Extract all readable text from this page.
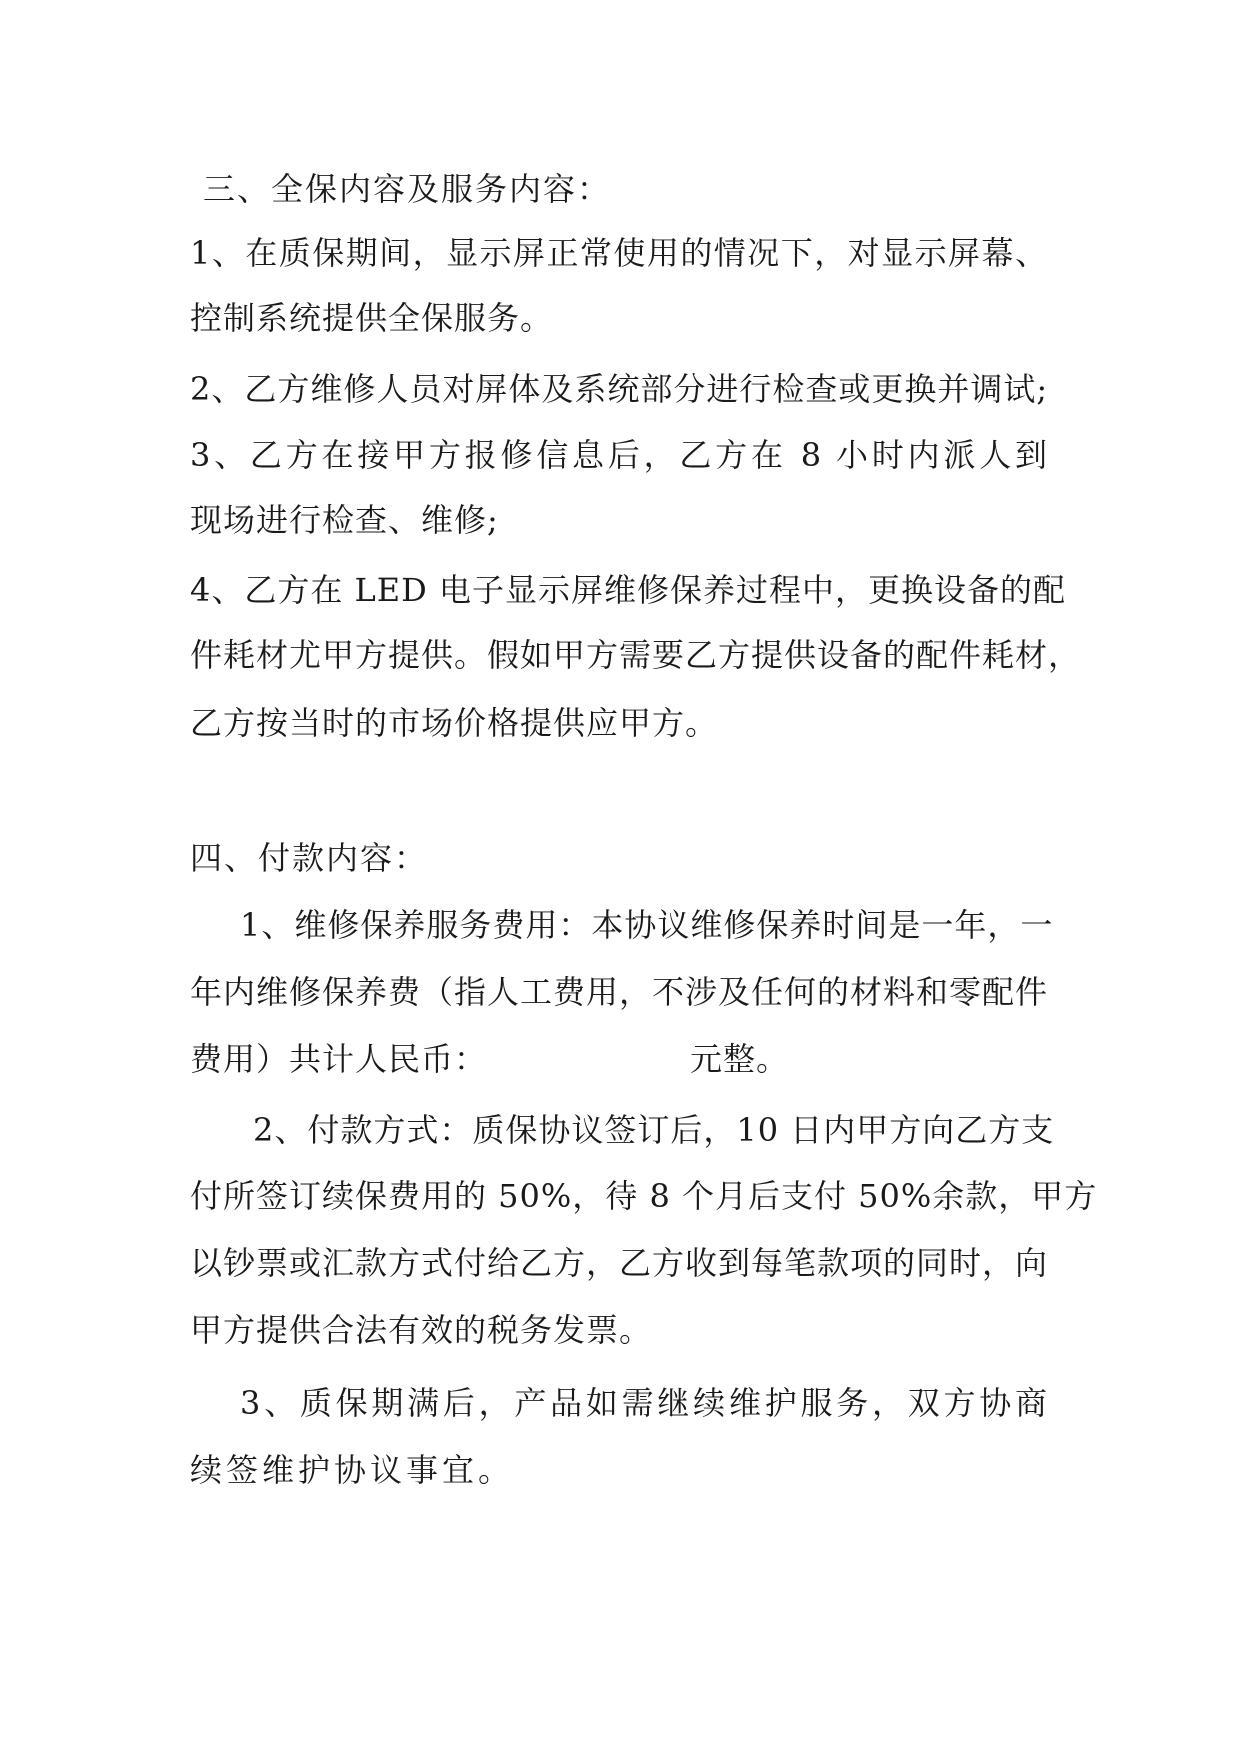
三、全保内容及服务内容：
1、在质保期间，显示屏正常使用的情况下，对显示屏幕、
控制系统提供全保服务。
2、乙方维修人员对屏体及系统部分进行检查或更换并调试;
3、乙方在接甲方报修信息后，乙方在 8 小时内派人到
现场进行检查、维修;
4、乙方在 LED 电子显示屏维修保养过程中，更换设备的配
件耗材尤甲方提供。假如甲方需要乙方提供设备的配件耗材，
乙方按当时的市场价格提供应甲方。
四、付款内容：
1、维修保养服务费用：本协议维修保养时间是一年，一
年内维修保养费（指人工费用，不涉及任何的材料和零配件
费用）共计人民币：	元整。
2、付款方式：质保协议签订后，10 日内甲方向乙方支
付所签订续保费用的 50%，待 8 个月后支付 50%余款，甲方
以钞票或汇款方式付给乙方，乙方收到每笔款项的同时，向
甲方提供合法有效的税务发票。
3、质保期满后，产品如需继续维护服务，双方协商
续签维护协议事宜。
